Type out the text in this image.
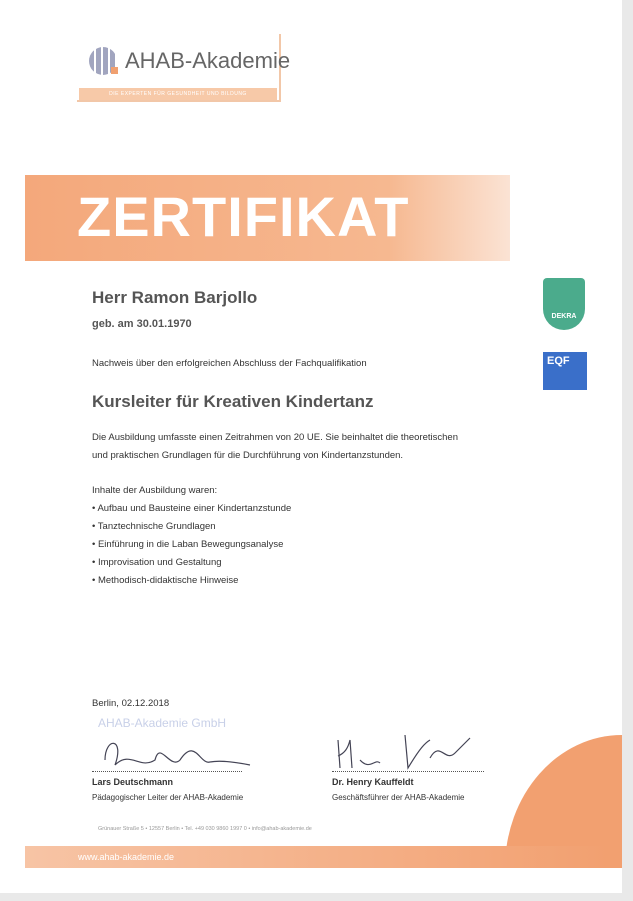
AHAB-Akademie
DIE EXPERTEN FÜR GESUNDHEIT UND BILDUNG
ZERTIFIKAT
Herr Ramon Barjollo
geb. am 30.01.1970
Nachweis über den erfolgreichen Abschluss der Fachqualifikation
Kursleiter für Kreativen Kindertanz
Die Ausbildung umfasste einen Zeitrahmen von 20 UE. Sie beinhaltet die theoretischen
und praktischen Grundlagen für die Durchführung von Kindertanzstunden.
Inhalte der Ausbildung waren:
• Aufbau und Bausteine einer Kindertanzstunde
• Tanztechnische Grundlagen
• Einführung in die Laban Bewegungsanalyse
• Improvisation und Gestaltung
• Methodisch-didaktische Hinweise
DEKRA
EQF
Berlin, 02.12.2018
AHAB-Akademie GmbH
Lars Deutschmann
Pädagogischer Leiter der AHAB-Akademie
Dr. Henry Kauffeldt
Geschäftsführer der AHAB-Akademie
Grünauer Straße 5 • 12557 Berlin • Tel. +49 030 9860 1997 0 • info@ahab-akademie.de
www.ahab-akademie.de
